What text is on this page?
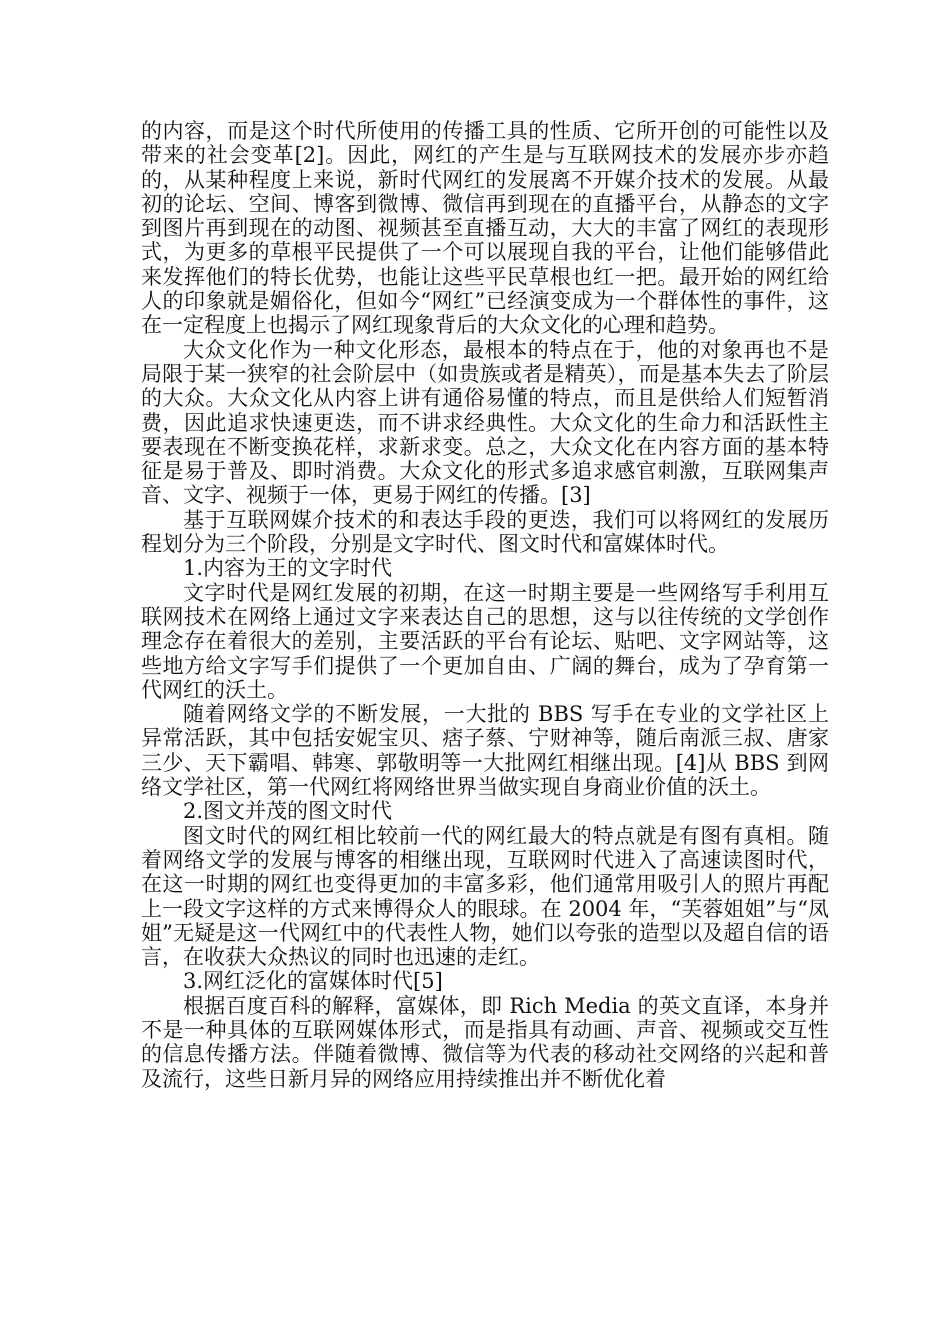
的内容，而是这个时代所使用的传播工具的性质、它所开创的可能性以及带来的社会变革[2]。因此，网红的产生是与互联网技术的发展亦步亦趋的，从某种程度上来说，新时代网红的发展离不开媒介技术的发展。从最初的论坛、空间、博客到微博、微信再到现在的直播平台，从静态的文字到图片再到现在的动图、视频甚至直播互动，大大的丰富了网红的表现形式，为更多的草根平民提供了一个可以展现自我的平台，让他们能够借此来发挥他们的特长优势，也能让这些平民草根也红一把。最开始的网红给人的印象就是媚俗化，但如今“网红”已经演变成为一个群体性的事件，这在一定程度上也揭示了网红现象背后的大众文化的心理和趋势。

大众文化作为一种文化形态，最根本的特点在于，他的对象再也不是局限于某一狭窄的社会阶层中（如贵族或者是精英），而是基本失去了阶层的大众。大众文化从内容上讲有通俗易懂的特点，而且是供给人们短暂消费，因此追求快速更迭，而不讲求经典性。大众文化的生命力和活跃性主要表现在不断变换花样，求新求变。总之，大众文化在内容方面的基本特征是易于普及、即时消费。大众文化的形式多追求感官刺激，互联网集声音、文字、视频于一体，更易于网红的传播。[3]

基于互联网媒介技术的和表达手段的更迭，我们可以将网红的发展历程划分为三个阶段，分别是文字时代、图文时代和富媒体时代。

1.内容为王的文字时代

文字时代是网红发展的初期，在这一时期主要是一些网络写手利用互联网技术在网络上通过文字来表达自己的思想，这与以往传统的文学创作理念存在着很大的差别，主要活跃的平台有论坛、贴吧、文字网站等，这些地方给文字写手们提供了一个更加自由、广阔的舞台，成为了孕育第一代网红的沃土。

随着网络文学的不断发展，一大批的 BBS 写手在专业的文学社区上异常活跃，其中包括安妮宝贝、痞子蔡、宁财神等，随后南派三叔、唐家三少、天下霸唱、韩寒、郭敬明等一大批网红相继出现。[4]从 BBS 到网络文学社区，第一代网红将网络世界当做实现自身商业价值的沃土。

2.图文并茂的图文时代

图文时代的网红相比较前一代的网红最大的特点就是有图有真相。随着网络文学的发展与博客的相继出现，互联网时代进入了高速读图时代，在这一时期的网红也变得更加的丰富多彩，他们通常用吸引人的照片再配上一段文字这样的方式来博得众人的眼球。在 2004 年，“芙蓉姐姐”与“凤姐”无疑是这一代网红中的代表性人物，她们以夸张的造型以及超自信的语言，在收获大众热议的同时也迅速的走红。

3.网红泛化的富媒体时代[5]

根据百度百科的解释，富媒体，即 Rich Media 的英文直译，本身并不是一种具体的互联网媒体形式，而是指具有动画、声音、视频或交互性的信息传播方法。伴随着微博、微信等为代表的移动社交网络的兴起和普及流行，这些日新月异的网络应用持续推出并不断优化着
